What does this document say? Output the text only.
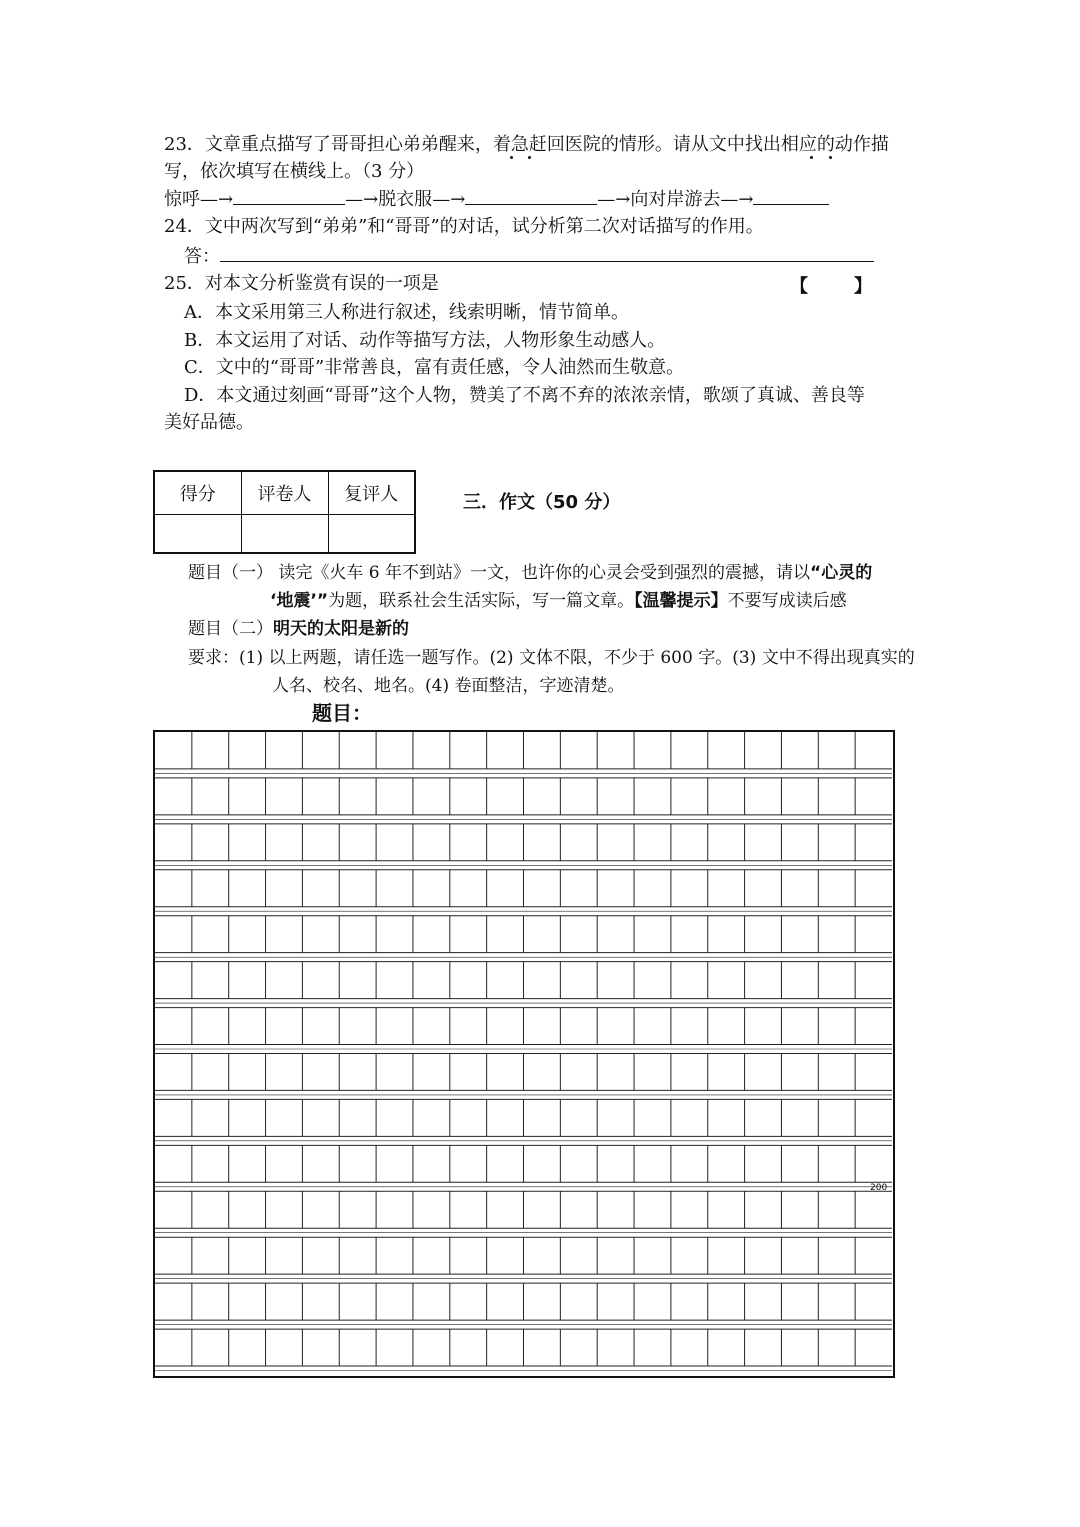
23．文章重点描写了哥哥担心弟弟醒来，着急赶回医院的情形。请从文中找出相应的动作描
写，依次填写在横线上。（3 分）
惊呼—→	—→脱衣服—→	—→向对岸游去—→
24．文中两次写到“弟弟”和“哥哥”的对话，试分析第二次对话描写的作用。
答：
25．对本文分析鉴赏有误的一项是	【	】
A．本文采用第三人称进行叙述，线索明晰，情节简单。
B．本文运用了对话、动作等描写方法，人物形象生动感人。
C．文中的“哥哥”非常善良，富有责任感，令人油然而生敬意。
D．本文通过刻画“哥哥”这个人物，赞美了不离不弃的浓浓亲情，歌颂了真诚、善良等
美好品德。
得分	评卷人	复评人
			三．作文（50 分）
题目（一） 读完《火车 6 年不到站》一文，也许你的心灵会受到强烈的震撼，请以“心灵的
‘地震’”为题，联系社会生活实际，写一篇文章。【温馨提示】不要写成读后感
题目（二）明天的太阳是新的
要求：(1) 以上两题，请任选一题写作。(2) 文体不限，不少于 600 字。(3) 文中不得出现真实的
人名、校名、地名。(4) 卷面整洁，字迹清楚。
题目：
200
